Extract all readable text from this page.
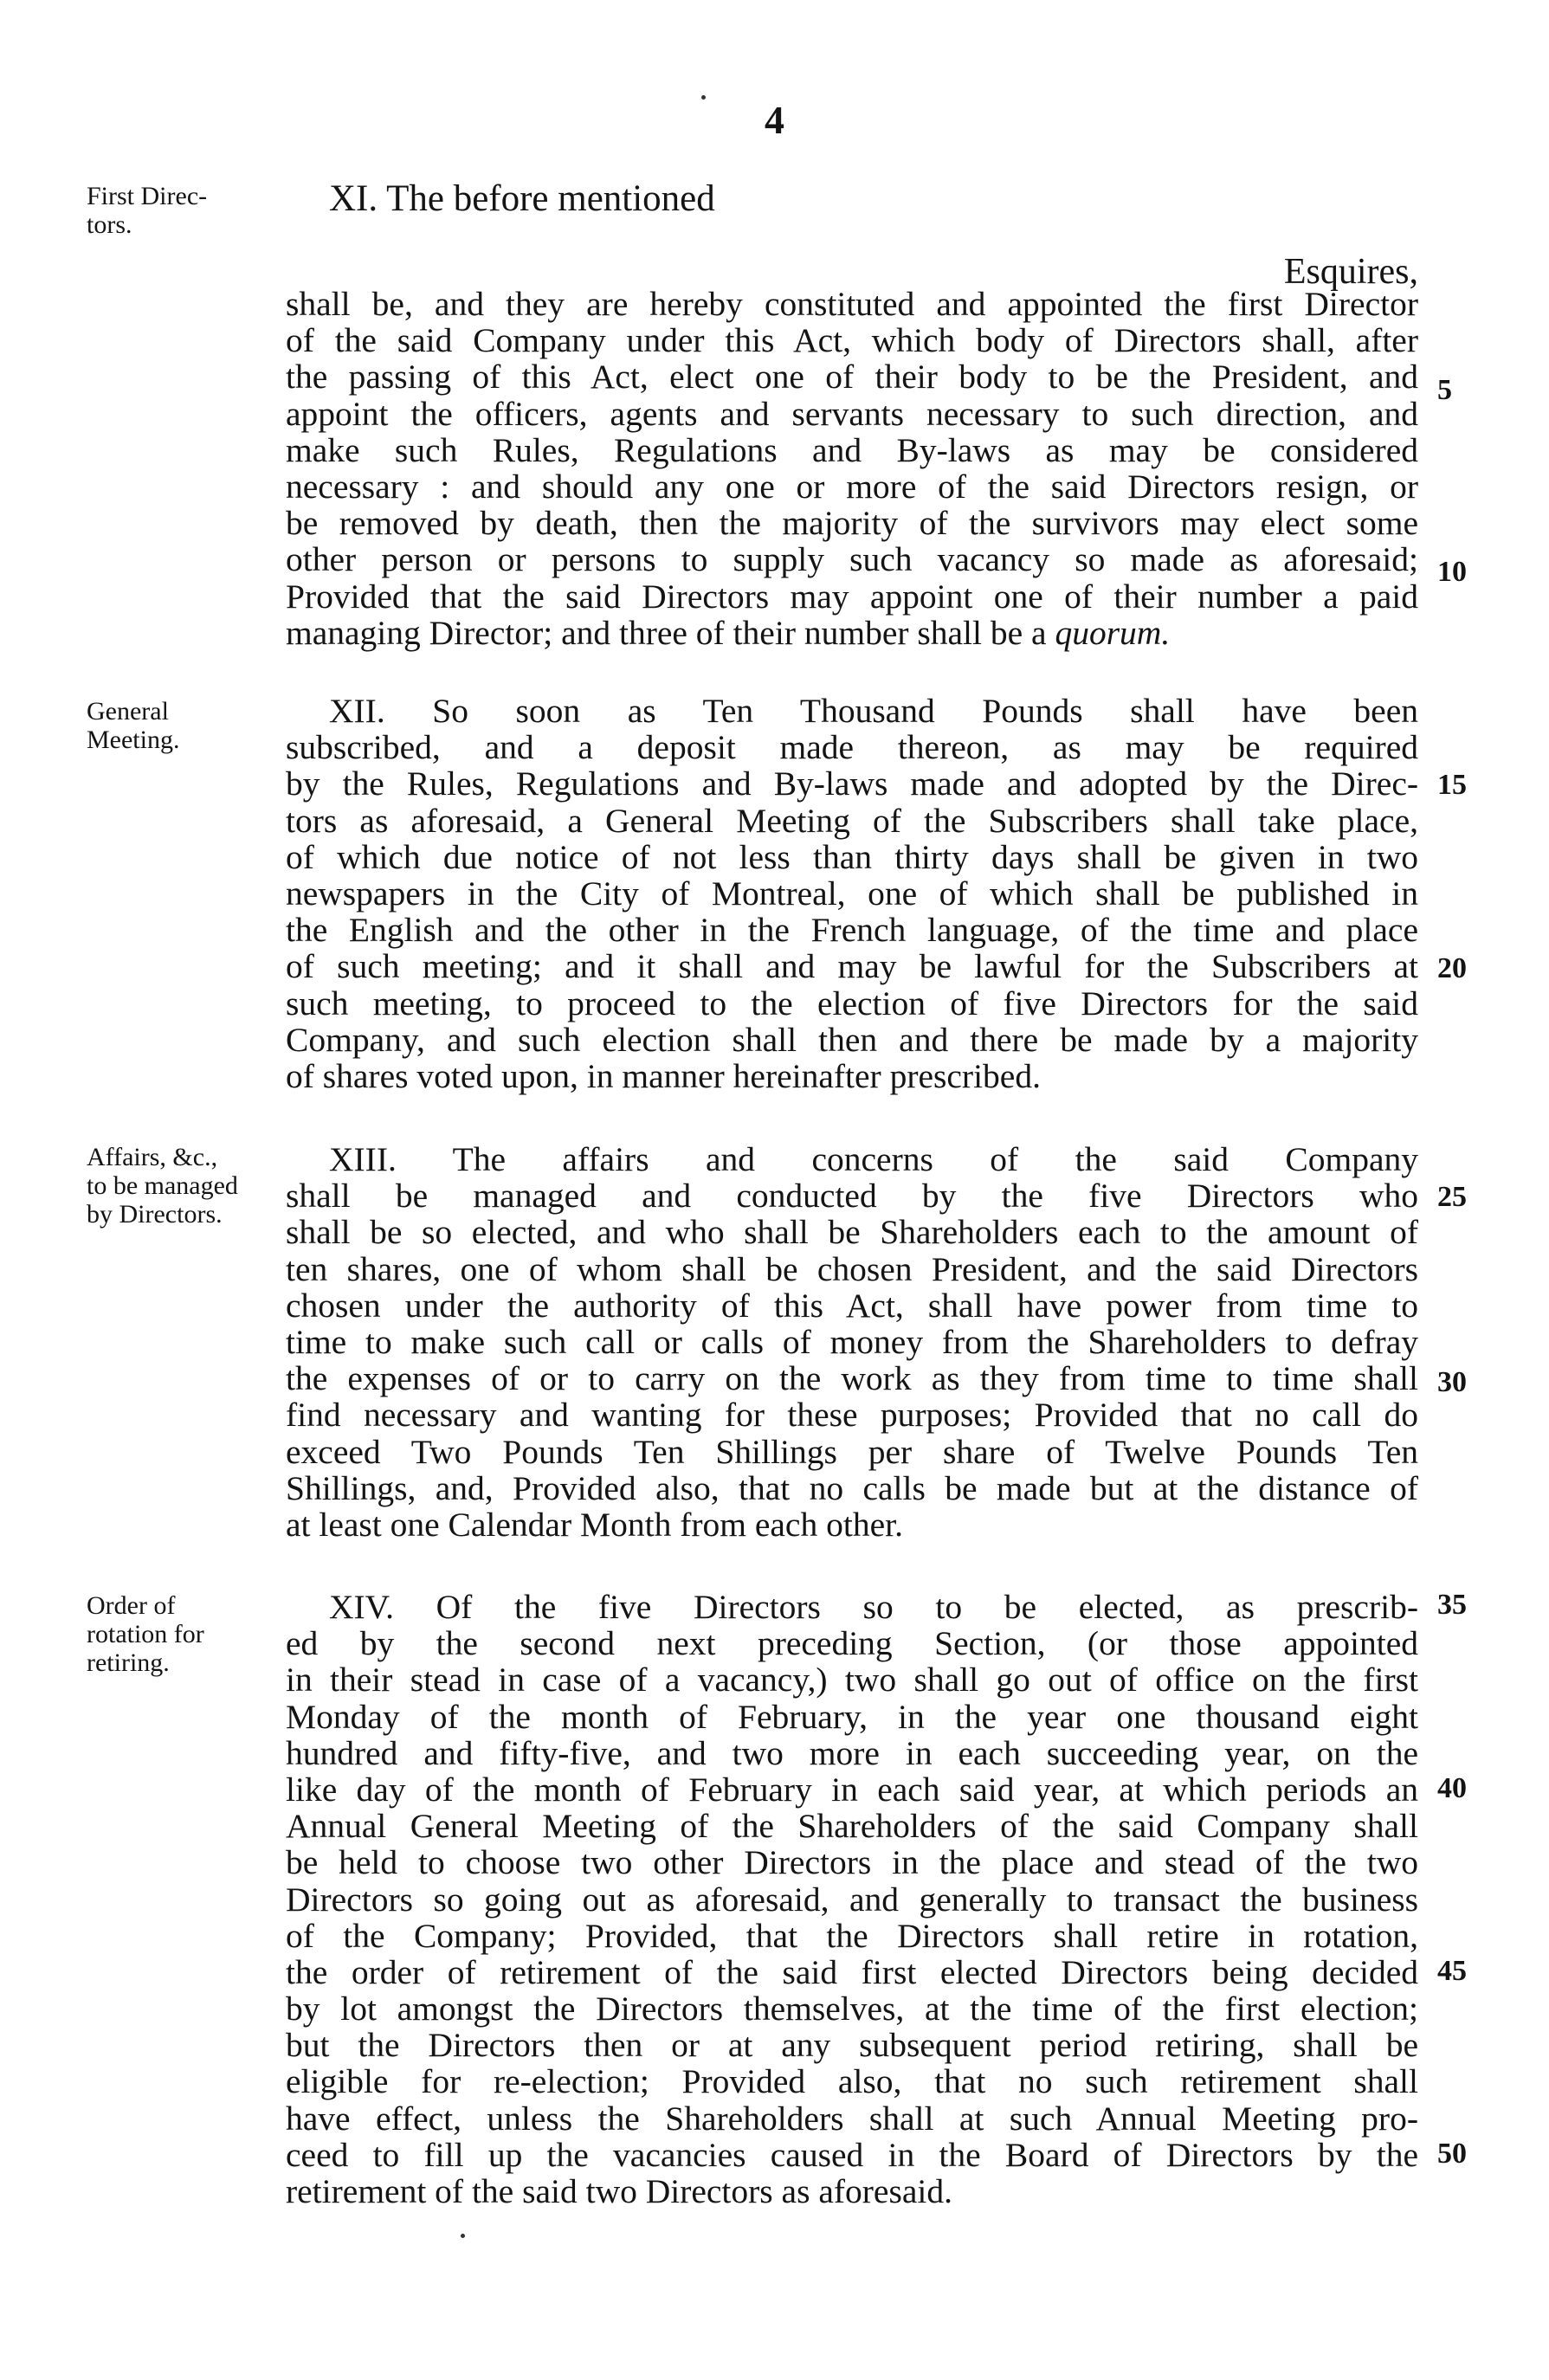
4
First Direc-
tors.
XI. The before mentioned
Esquires,
shall be, and they are hereby constituted and appointed the first Director
of the said Company under this Act, which body of Directors shall, after
the passing of this Act, elect one of their body to be the President, and
appoint the officers, agents and servants necessary to such direction, and
make such Rules, Regulations and By-laws as may be considered
necessary : and should any one or more of the said Directors resign, or
be removed by death, then the majority of the survivors may elect some
other person or persons to supply such vacancy so made as aforesaid;
Provided that the said Directors may appoint one of their number a paid
managing Director; and three of their number shall be a quorum.
General
Meeting.
XII. So soon as Ten Thousand Pounds shall have been
subscribed, and a deposit made thereon, as may be required
by the Rules, Regulations and By-laws made and adopted by the Direc-
tors as aforesaid, a General Meeting of the Subscribers shall take place,
of which due notice of not less than thirty days shall be given in two
newspapers in the City of Montreal, one of which shall be published in
the English and the other in the French language, of the time and place
of such meeting; and it shall and may be lawful for the Subscribers at
such meeting, to proceed to the election of five Directors for the said
Company, and such election shall then and there be made by a majority
of shares voted upon, in manner hereinafter prescribed.
Affairs, &c.,
to be managed
by Directors.
XIII. The affairs and concerns of the said Company
shall be managed and conducted by the five Directors who
shall be so elected, and who shall be Shareholders each to the amount of
ten shares, one of whom shall be chosen President, and the said Directors
chosen under the authority of this Act, shall have power from time to
time to make such call or calls of money from the Shareholders to defray
the expenses of or to carry on the work as they from time to time shall
find necessary and wanting for these purposes; Provided that no call do
exceed Two Pounds Ten Shillings per share of Twelve Pounds Ten
Shillings, and, Provided also, that no calls be made but at the distance of
at least one Calendar Month from each other.
Order of
rotation for
retiring.
XIV. Of the five Directors so to be elected, as prescrib-
ed by the second next preceding Section, (or those appointed
in their stead in case of a vacancy,) two shall go out of office on the first
Monday of the month of February, in the year one thousand eight
hundred and fifty-five, and two more in each succeeding year, on the
like day of the month of February in each said year, at which periods an
Annual General Meeting of the Shareholders of the said Company shall
be held to choose two other Directors in the place and stead of the two
Directors so going out as aforesaid, and generally to transact the business
of the Company; Provided, that the Directors shall retire in rotation,
the order of retirement of the said first elected Directors being decided
by lot amongst the Directors themselves, at the time of the first election;
but the Directors then or at any subsequent period retiring, shall be
eligible for re-election; Provided also, that no such retirement shall
have effect, unless the Shareholders shall at such Annual Meeting pro-
ceed to fill up the vacancies caused in the Board of Directors by the
retirement of the said two Directors as aforesaid.
5
10
15
20
25
30
35
40
45
50
